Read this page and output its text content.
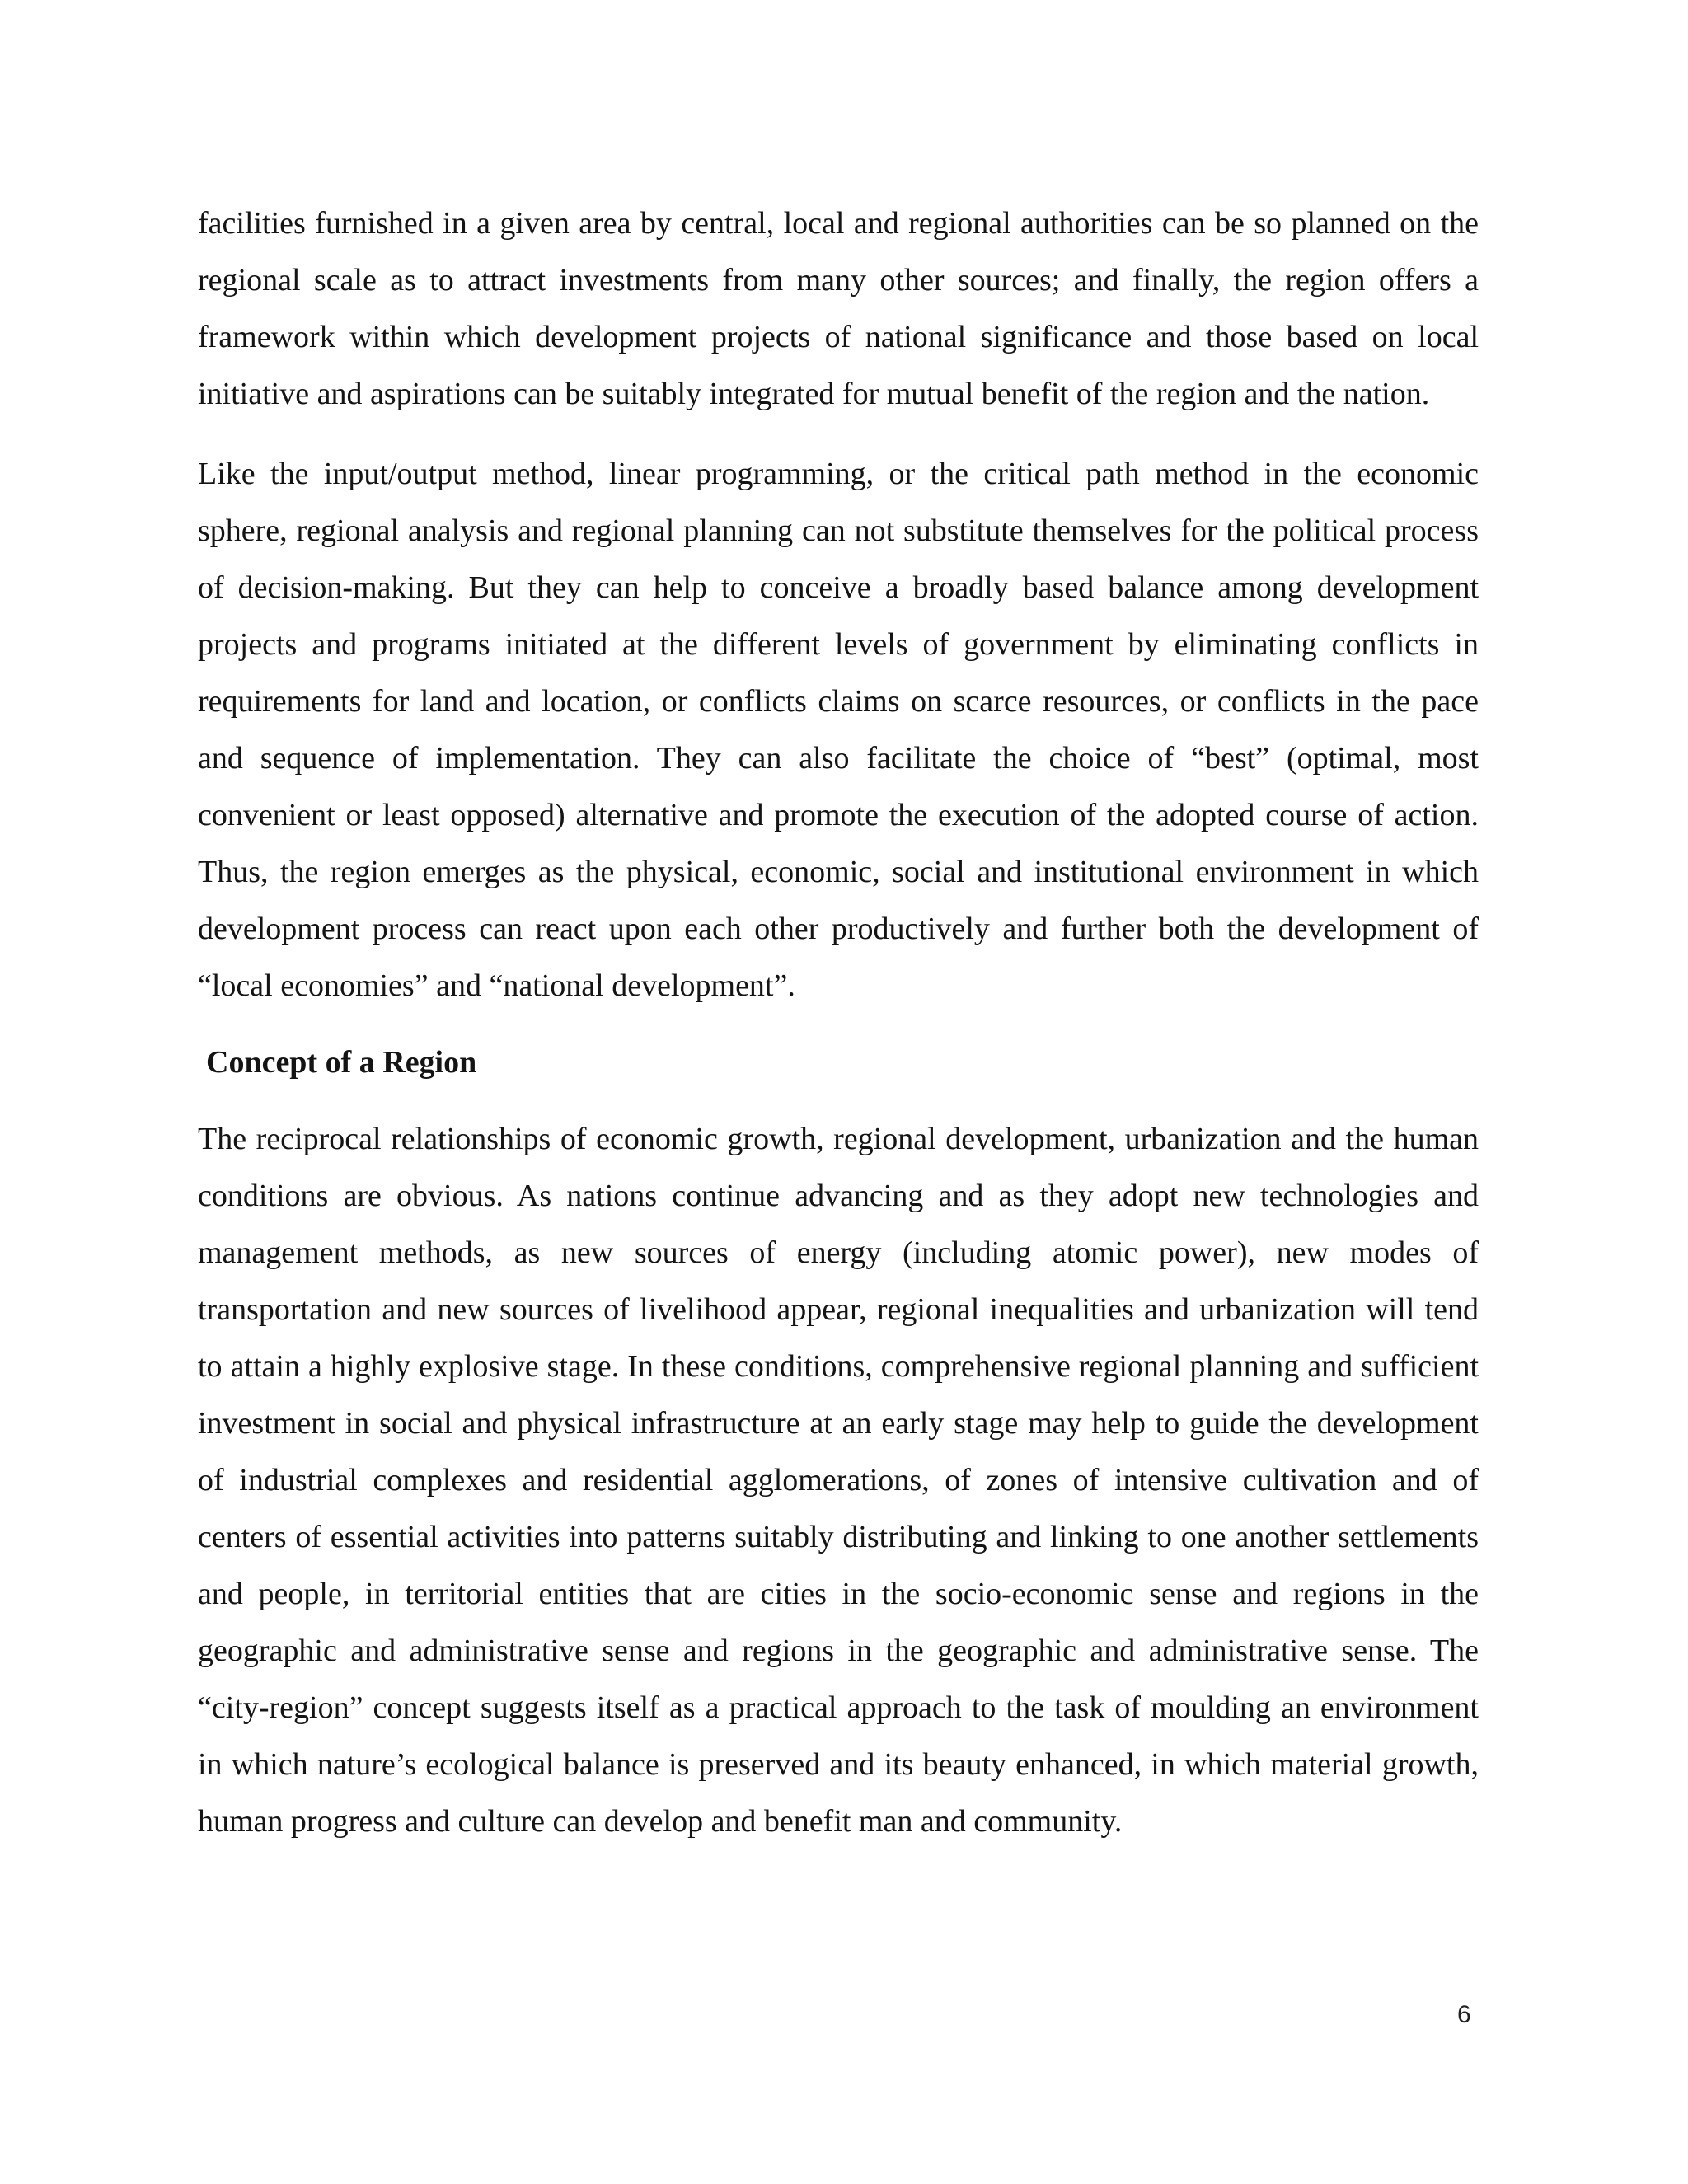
facilities furnished in a given area by central, local and regional authorities can be so planned on the regional scale as to attract investments from many other sources; and finally, the region offers a framework within which development projects of national significance and those based on local initiative and aspirations can be suitably integrated for mutual benefit of the region and the nation.

Like the input/output method, linear programming, or the critical path method in the economic sphere, regional analysis and regional planning can not substitute themselves for the political process of decision-making. But they can help to conceive a broadly based balance among development projects and programs initiated at the different levels of government by eliminating conflicts in requirements for land and location, or conflicts claims on scarce resources, or conflicts in the pace and sequence of implementation. They can also facilitate the choice of “best” (optimal, most convenient or least opposed) alternative and promote the execution of the adopted course of action. Thus, the region emerges as the physical, economic, social and institutional environment in which development process can react upon each other productively and further both the development of “local economies” and “national development”.

Concept of a Region

The reciprocal relationships of economic growth, regional development, urbanization and the human conditions are obvious. As nations continue advancing and as they adopt new technologies and management methods, as new sources of energy (including atomic power), new modes of transportation and new sources of livelihood appear, regional inequalities and urbanization will tend to attain a highly explosive stage. In these conditions, comprehensive regional planning and sufficient investment in social and physical infrastructure at an early stage may help to guide the development of industrial complexes and residential agglomerations, of zones of intensive cultivation and of centers of essential activities into patterns suitably distributing and linking to one another settlements and people, in territorial entities that are cities in the socio-economic sense and regions in the geographic and administrative sense and regions in the geographic and administrative sense. The “city-region” concept suggests itself as a practical approach to the task of moulding an environment in which nature’s ecological balance is preserved and its beauty enhanced, in which material growth, human progress and culture can develop and benefit man and community.

6
